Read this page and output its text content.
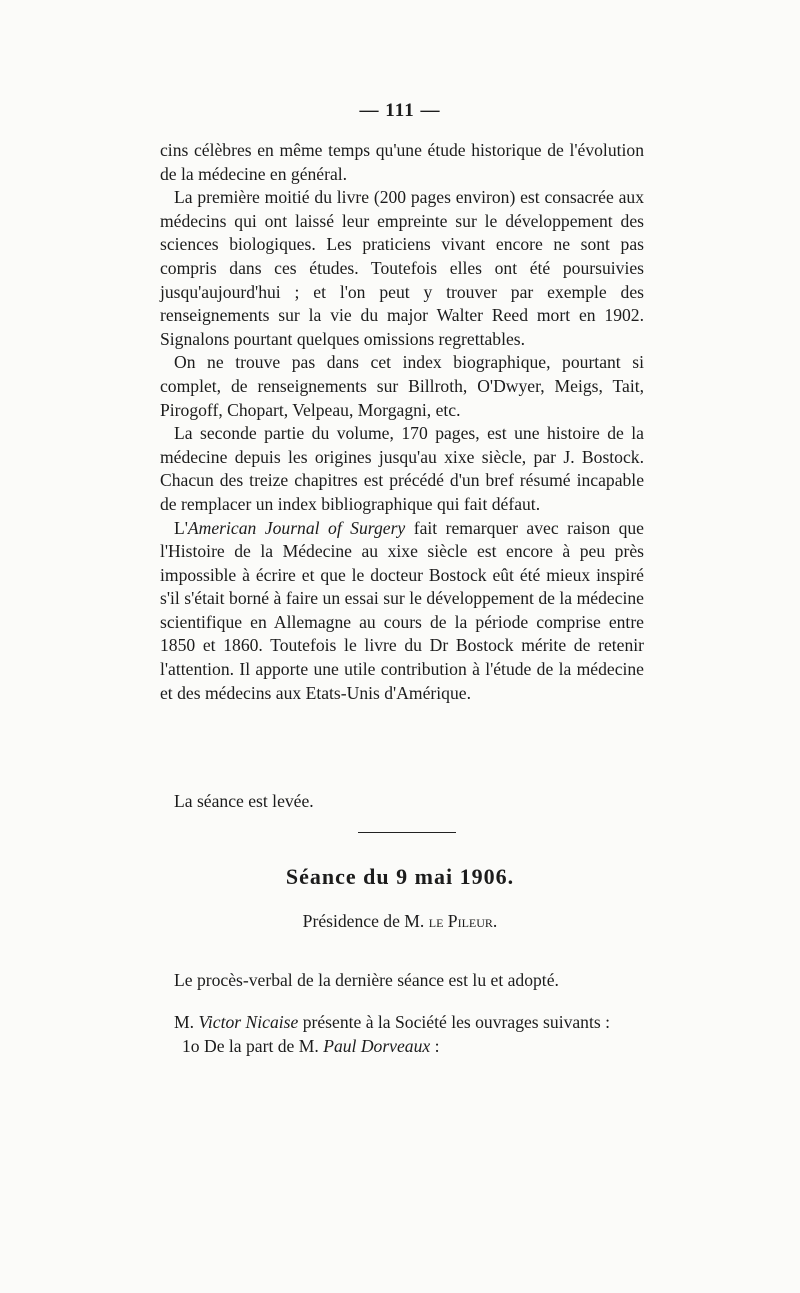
— 111 —

cins célèbres en même temps qu'une étude historique de l'évolution de la médecine en général.

La première moitié du livre (200 pages environ) est consacrée aux médecins qui ont laissé leur empreinte sur le développement des sciences biologiques. Les praticiens vivant encore ne sont pas compris dans ces études. Toutefois elles ont été poursuivies jusqu'aujourd'hui ; et l'on peut y trouver par exemple des renseignements sur la vie du major Walter Reed mort en 1902. Signalons pourtant quelques omissions regrettables.

On ne trouve pas dans cet index biographique, pourtant si complet, de renseignements sur Billroth, O'Dwyer, Meigs, Tait, Pirogoff, Chopart, Velpeau, Morgagni, etc.

La seconde partie du volume, 170 pages, est une histoire de la médecine depuis les origines jusqu'au xixe siècle, par J. Bostock. Chacun des treize chapitres est précédé d'un bref résumé incapable de remplacer un index bibliographique qui fait défaut.

L'American Journal of Surgery fait remarquer avec raison que l'Histoire de la Médecine au xixe siècle est encore à peu près impossible à écrire et que le docteur Bostock eût été mieux inspiré s'il s'était borné à faire un essai sur le développement de la médecine scientifique en Allemagne au cours de la période comprise entre 1850 et 1860. Toutefois le livre du Dr Bostock mérite de retenir l'attention. Il apporte une utile contribution à l'étude de la médecine et des médecins aux Etats-Unis d'Amérique.

La séance est levée.

Séance du 9 mai 1906.
Présidence de M. le Pileur.

Le procès-verbal de la dernière séance est lu et adopté.

M. Victor Nicaise présente à la Société les ouvrages suivants :

1o De la part de M. Paul Dorveaux :
